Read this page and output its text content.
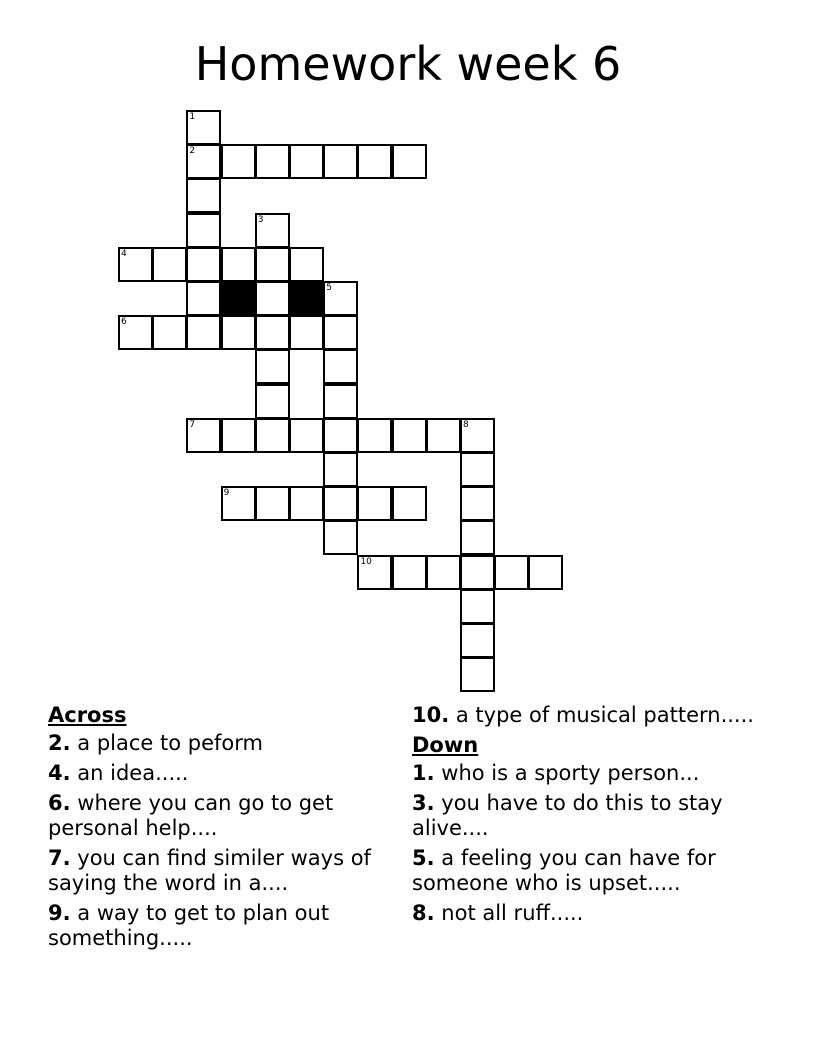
Homework week 6
1
2
3
4
5
6
7	8
9
10
Across
2. a place to peform
4. an idea.....
6. where you can go to get personal help....
7. you can find similer ways of saying the word in a....
9. a way to get to plan out something.....
10. a type of musical pattern.....
Down
1. who is a sporty person...
3. you have to do this to stay alive....
5. a feeling you can have for someone who is upset.....
8. not all ruff.....
